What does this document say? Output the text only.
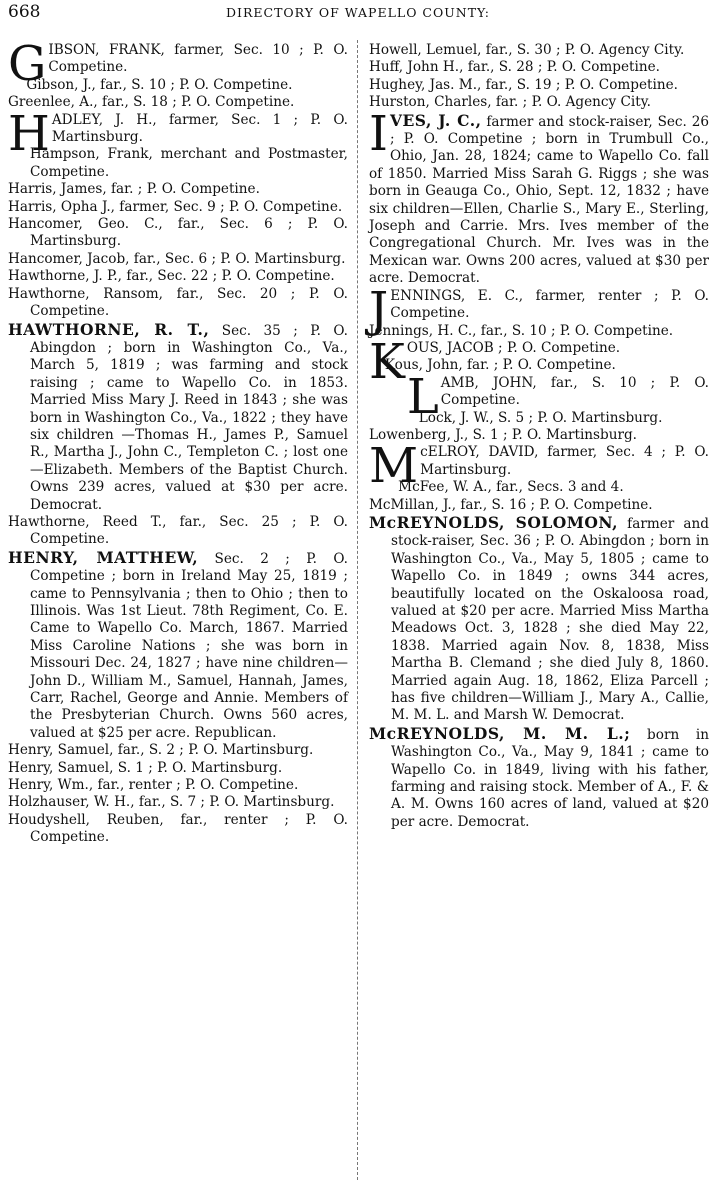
668	DIRECTORY OF WAPELLO COUNTY:

GIBSON, FRANK, farmer, Sec. 10 ; P. O. Competine.

Gibson, J., far., S. 10 ; P. O. Competine.

Greenlee, A., far., S. 18 ; P. O. Competine.

HADLEY, J. H., farmer, Sec. 1 ; P. O. Martinsburg.

Hampson, Frank, merchant and Postmaster, Competine.

Harris, James, far. ; P. O. Competine.

Harris, Opha J., farmer, Sec. 9 ; P. O. Competine.

Hancomer, Geo. C., far., Sec. 6 ; P. O. Martinsburg.

Hancomer, Jacob, far., Sec. 6 ; P. O. Martinsburg.

Hawthorne, J. P., far., Sec. 22 ; P. O. Competine.

Hawthorne, Ransom, far., Sec. 20 ; P. O. Competine.

HAWTHORNE, R. T., Sec. 35 ; P. O. Abingdon ; born in Washington Co., Va., March 5, 1819 ; was farming and stock raising ; came to Wapello Co. in 1853. Married Miss Mary J. Reed in 1843 ; she was born in Washington Co., Va., 1822 ; they have six children —Thomas H., James P., Samuel R., Martha J., John C., Templeton C. ; lost one—Elizabeth. Members of the Baptist Church. Owns 239 acres, valued at $30 per acre. Democrat.

Hawthorne, Reed T., far., Sec. 25 ; P. O. Competine.

HENRY, MATTHEW, Sec. 2 ; P. O. Competine ; born in Ireland May 25, 1819 ; came to Pennsylvania ; then to Ohio ; then to Illinois. Was 1st Lieut. 78th Regiment, Co. E. Came to Wapello Co. March, 1867. Married Miss Caroline Nations ; she was born in Missouri Dec. 24, 1827 ; have nine children—John D., William M., Samuel, Hannah, James, Carr, Rachel, George and Annie. Members of the Presbyterian Church. Owns 560 acres, valued at $25 per acre. Republican.

Henry, Samuel, far., S. 2 ; P. O. Martinsburg.

Henry, Samuel, S. 1 ; P. O. Martinsburg.

Henry, Wm., far., renter ; P. O. Competine.

Holzhauser, W. H., far., S. 7 ; P. O. Martinsburg.

Houdyshell, Reuben, far., renter ; P. O. Competine.

Howell, Lemuel, far., S. 30 ; P. O. Agency City.

Huff, John H., far., S. 28 ; P. O. Competine.

Hughey, Jas. M., far., S. 19 ; P. O. Competine.

Hurston, Charles, far. ; P. O. Agency City.

IVES, J. C., farmer and stock-raiser, Sec. 26 ; P. O. Competine ; born in Trumbull Co., Ohio, Jan. 28, 1824; came to Wapello Co. fall of 1850. Married Miss Sarah G. Riggs ; she was born in Geauga Co., Ohio, Sept. 12, 1832 ; have six children—Ellen, Charlie S., Mary E., Sterling, Joseph and Carrie. Mrs. Ives member of the Congregational Church. Mr. Ives was in the Mexican war. Owns 200 acres, valued at $30 per acre. Democrat.

JENNINGS, E. C., farmer, renter ; P. O. Competine.

Jennings, H. C., far., S. 10 ; P. O. Competine.

KOUS, JACOB ; P. O. Competine.

Kous, John, far. ; P. O. Competine.

LAMB, JOHN, far., S. 10 ; P. O. Competine.

Lock, J. W., S. 5 ; P. O. Martinsburg.

Lowenberg, J., S. 1 ; P. O. Martinsburg.

McELROY, DAVID, farmer, Sec. 4 ; P. O. Martinsburg.

McFee, W. A., far., Secs. 3 and 4.

McMillan, J., far., S. 16 ; P. O. Competine.

McREYNOLDS, SOLOMON, farmer and stock-raiser, Sec. 36 ; P. O. Abingdon ; born in Washington Co., Va., May 5, 1805 ; came to Wapello Co. in 1849 ; owns 344 acres, beautifully located on the Oskaloosa road, valued at $20 per acre. Married Miss Martha Meadows Oct. 3, 1828 ; she died May 22, 1838. Married again Nov. 8, 1838, Miss Martha B. Clemand ; she died July 8, 1860. Married again Aug. 18, 1862, Eliza Parcell ; has five children—William J., Mary A., Callie, M. M. L. and Marsh W. Democrat.

McREYNOLDS, M. M. L.; born in Washington Co., Va., May 9, 1841 ; came to Wapello Co. in 1849, living with his father, farming and raising stock. Member of A., F. & A. M. Owns 160 acres of land, valued at $20 per acre. Democrat.
